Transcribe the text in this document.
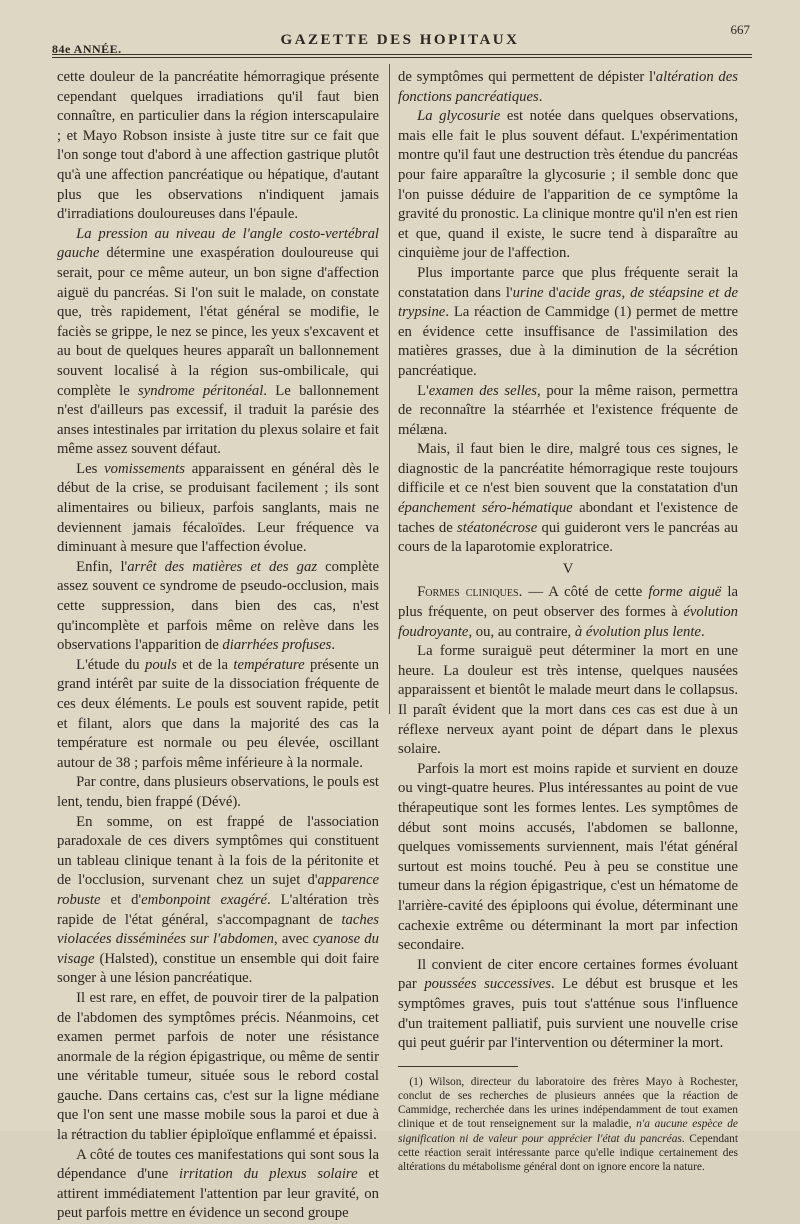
84e ANNÉE.
GAZETTE DES HOPITAUX
667

cette douleur de la pancréatite hémorragique présente cependant quelques irradiations qu'il faut bien connaître, en particulier dans la région interscapulaire ; et Mayo Robson insiste à juste titre sur ce fait que l'on songe tout d'abord à une affection gastrique plutôt qu'à une affection pancréatique ou hépatique, d'autant plus que les observations n'indiquent jamais d'irradiations douloureuses dans l'épaule.

La pression au niveau de l'angle costo-vertébral gauche détermine une exaspération douloureuse qui serait, pour ce même auteur, un bon signe d'affection aiguë du pancréas. Si l'on suit le malade, on constate que, très rapidement, l'état général se modifie, le faciès se grippe, le nez se pince, les yeux s'excavent et au bout de quelques heures apparaît un ballonnement souvent localisé à la région sus-ombilicale, qui complète le syndrome péritonéal. Le ballonnement n'est d'ailleurs pas excessif, il traduit la parésie des anses intestinales par irritation du plexus solaire et fait même assez souvent défaut.

Les vomissements apparaissent en général dès le début de la crise, se produisant facilement ; ils sont alimentaires ou bilieux, parfois sanglants, mais ne deviennent jamais fécaloïdes. Leur fréquence va diminuant à mesure que l'affection évolue.

Enfin, l'arrêt des matières et des gaz complète assez souvent ce syndrome de pseudo-occlusion, mais cette suppression, dans bien des cas, n'est qu'incomplète et parfois même on relève dans les observations l'apparition de diarrhées profuses.

L'étude du pouls et de la température présente un grand intérêt par suite de la dissociation fréquente de ces deux éléments. Le pouls est souvent rapide, petit et filant, alors que dans la majorité des cas la température est normale ou peu élevée, oscillant autour de 38 ; parfois même inférieure à la normale.

Par contre, dans plusieurs observations, le pouls est lent, tendu, bien frappé (Dévé).

En somme, on est frappé de l'association paradoxale de ces divers symptômes qui constituent un tableau clinique tenant à la fois de la péritonite et de l'occlusion, survenant chez un sujet d'apparence robuste et d'embonpoint exagéré. L'altération très rapide de l'état général, s'accompagnant de taches violacées disséminées sur l'abdomen, avec cyanose du visage (Halsted), constitue un ensemble qui doit faire songer à une lésion pancréatique.

Il est rare, en effet, de pouvoir tirer de la palpation de l'abdomen des symptômes précis. Néanmoins, cet examen permet parfois de noter une résistance anormale de la région épigastrique, ou même de sentir une véritable tumeur, située sous le rebord costal gauche. Dans certains cas, c'est sur la ligne médiane que l'on sent une masse mobile sous la paroi et due à la rétraction du tablier épiploïque enflammé et épaissi.

A côté de toutes ces manifestations qui sont sous la dépendance d'une irritation du plexus solaire et attirent immédiatement l'attention par leur gravité, on peut parfois mettre en évidence un second groupe

de symptômes qui permettent de dépister l'altération des fonctions pancréatiques.

La glycosurie est notée dans quelques observations, mais elle fait le plus souvent défaut. L'expérimentation montre qu'il faut une destruction très étendue du pancréas pour faire apparaître la glycosurie ; il semble donc que l'on puisse déduire de l'apparition de ce symptôme la gravité du pronostic. La clinique montre qu'il n'en est rien et que, quand il existe, le sucre tend à disparaître au cinquième jour de l'affection.

Plus importante parce que plus fréquente serait la constatation dans l'urine d'acide gras, de stéapsine et de trypsine. La réaction de Cammidge (1) permet de mettre en évidence cette insuffisance de l'assimilation des matières grasses, due à la diminution de la sécrétion pancréatique.

L'examen des selles, pour la même raison, permettra de reconnaître la stéarrhée et l'existence fréquente de mélæna.

Mais, il faut bien le dire, malgré tous ces signes, le diagnostic de la pancréatite hémorragique reste toujours difficile et ce n'est bien souvent que la constatation d'un épanchement séro-hématique abondant et l'existence de taches de stéatonécrose qui guideront vers le pancréas au cours de la laparotomie exploratrice.

V

Formes cliniques. — A côté de cette forme aiguë la plus fréquente, on peut observer des formes à évolution foudroyante, ou, au contraire, à évolution plus lente.

La forme suraiguë peut déterminer la mort en une heure. La douleur est très intense, quelques nausées apparaissent et bientôt le malade meurt dans le collapsus. Il paraît évident que la mort dans ces cas est due à un réflexe nerveux ayant point de départ dans le plexus solaire.

Parfois la mort est moins rapide et survient en douze ou vingt-quatre heures. Plus intéressantes au point de vue thérapeutique sont les formes lentes. Les symptômes de début sont moins accusés, l'abdomen se ballonne, quelques vomissements surviennent, mais l'état général surtout est moins touché. Peu à peu se constitue une tumeur dans la région épigastrique, c'est un hématome de l'arrière-cavité des épiploons qui évolue, déterminant une cachexie extrême ou déterminant la mort par infection secondaire.

Il convient de citer encore certaines formes évoluant par poussées successives. Le début est brusque et les symptômes graves, puis tout s'atténue sous l'influence d'un traitement palliatif, puis survient une nouvelle crise qui peut guérir par l'intervention ou déterminer la mort.

(1) Wilson, directeur du laboratoire des frères Mayo à Rochester, conclut de ses recherches de plusieurs années que la réaction de Cammidge, recherchée dans les urines indépendamment de tout examen clinique et de tout renseignement sur la maladie, n'a aucune espèce de signification ni de valeur pour apprécier l'état du pancréas. Cependant cette réaction serait intéressante parce qu'elle indique certainement des altérations du métabolisme général dont on ignore encore la nature.
